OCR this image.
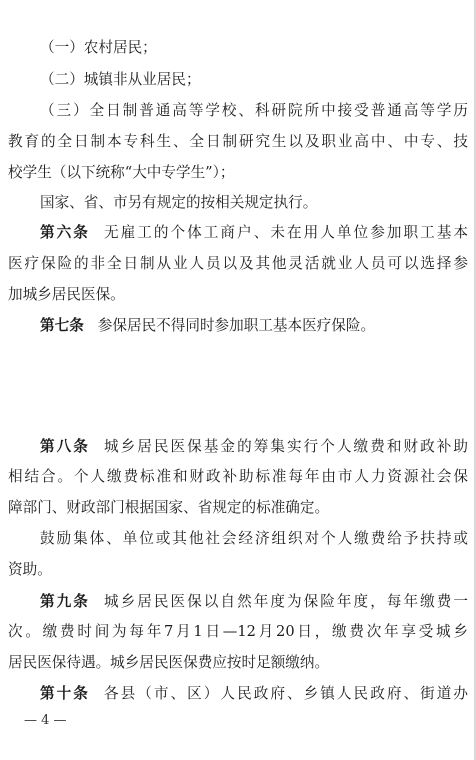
（一）农村居民；
（二）城镇非从业居民；
（三）全日制普通高等学校、科研院所中接受普通高等学历
教育的全日制本专科生、全日制研究生以及职业高中、中专、技
校学生（以下统称“大中专学生”）；
国家、省、市另有规定的按相关规定执行。
第六条 无雇工的个体工商户、未在用人单位参加职工基本
医疗保险的非全日制从业人员以及其他灵活就业人员可以选择参
加城乡居民医保。
第七条 参保居民不得同时参加职工基本医疗保险。
第八条 城乡居民医保基金的筹集实行个人缴费和财政补助
相结合。个人缴费标准和财政补助标准每年由市人力资源社会保
障部门、财政部门根据国家、省规定的标准确定。
鼓励集体、单位或其他社会经济组织对个人缴费给予扶持或
资助。
第九条 城乡居民医保以自然年度为保险年度，每年缴费一
次。缴费时间为每年7月1日—12月20日，缴费次年享受城乡
居民医保待遇。城乡居民医保费应按时足额缴纳。
第十条 各县（市、区）人民政府、乡镇人民政府、街道办
— 4 —
